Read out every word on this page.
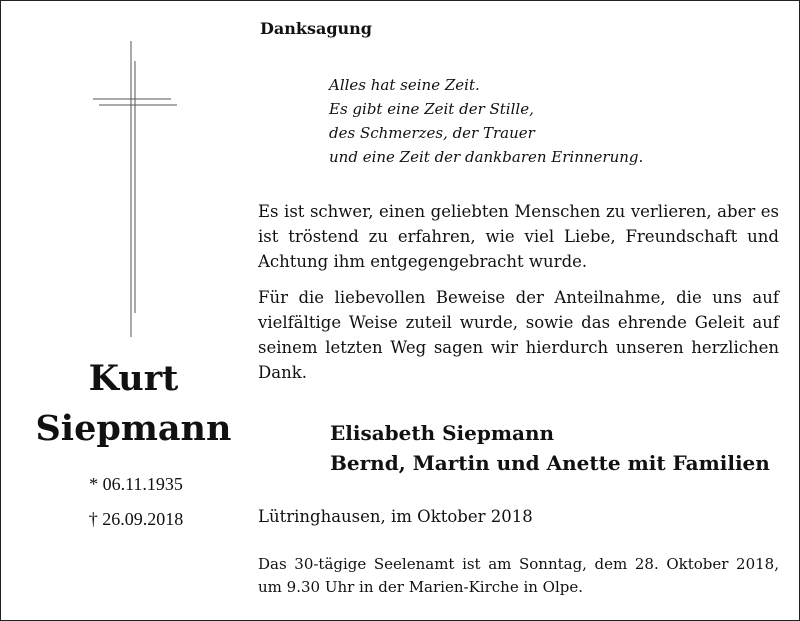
Kurt
Siepmann
* 06.11.1935
† 26.09.2018
Danksagung
Alles hat seine Zeit.
Es gibt eine Zeit der Stille,
des Schmerzes, der Trauer
und eine Zeit der dankbaren Erinnerung.
Es ist schwer, einen geliebten Menschen zu verlieren, aber es ist tröstend zu erfahren, wie viel Liebe, Freundschaft und Achtung ihm entgegengebracht wurde.
Für die liebevollen Beweise der Anteilnahme, die uns auf vielfältige Weise zuteil wurde, sowie das ehrende Geleit auf seinem letzten Weg sagen wir hierdurch unseren herzlichen Dank.
Elisabeth Siepmann
Bernd, Martin und Anette mit Familien
Lütringhausen, im Oktober 2018
Das 30-tägige Seelenamt ist am Sonntag, dem 28. Oktober 2018, um 9.30 Uhr in der Marien-Kirche in Olpe.
